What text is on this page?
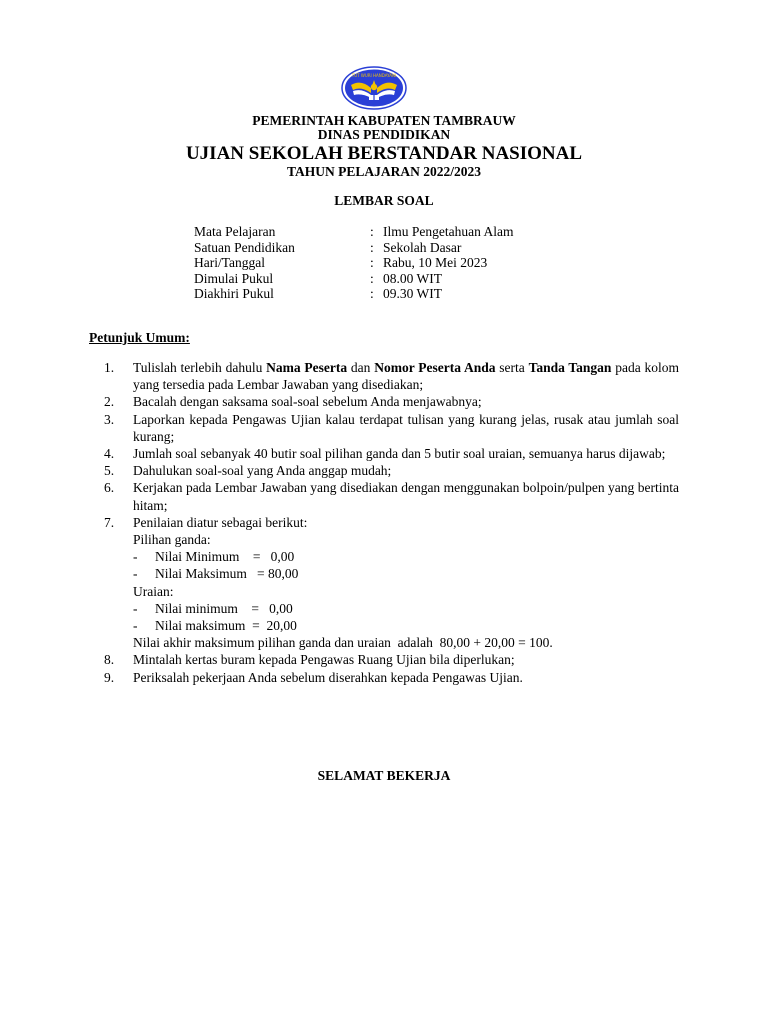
TUT WURI HANDAYANI
PEMERINTAH KABUPATEN TAMBRAUW
DINAS PENDIDIKAN
UJIAN SEKOLAH BERSTANDAR NASIONAL
TAHUN PELAJARAN 2022/2023
LEMBAR SOAL
Mata Pelajaran	: Ilmu Pengetahuan Alam
Satuan Pendidikan	: Sekolah Dasar
Hari/Tanggal	: Rabu, 10 Mei 2023
Dimulai Pukul	: 08.00 WIT
Diakhiri Pukul	: 09.30 WIT
Petunjuk Umum:
1.	Tulislah terlebih dahulu Nama Peserta dan Nomor Peserta Anda serta Tanda Tangan pada kolom yang tersedia pada Lembar Jawaban yang disediakan;
2.	Bacalah dengan saksama soal-soal sebelum Anda menjawabnya;
3.	Laporkan kepada Pengawas Ujian kalau terdapat tulisan yang kurang jelas, rusak atau jumlah soal kurang;
4.	Jumlah soal sebanyak 40 butir soal pilihan ganda dan 5 butir soal uraian, semuanya harus dijawab;
5.	Dahulukan soal-soal yang Anda anggap mudah;
6.	Kerjakan pada Lembar Jawaban yang disediakan dengan menggunakan bolpoin/pulpen yang bertinta hitam;
7.	Penilaian diatur sebagai berikut:
Pilihan ganda:
- Nilai Minimum    =   0,00
- Nilai Maksimum   = 80,00
Uraian:
- Nilai minimum    =   0,00
- Nilai maksimum  =  20,00
Nilai akhir maksimum pilihan ganda dan uraian  adalah  80,00 + 20,00 = 100.
8.	Mintalah kertas buram kepada Pengawas Ruang Ujian bila diperlukan;
9.	Periksalah pekerjaan Anda sebelum diserahkan kepada Pengawas Ujian.
SELAMAT BEKERJA
